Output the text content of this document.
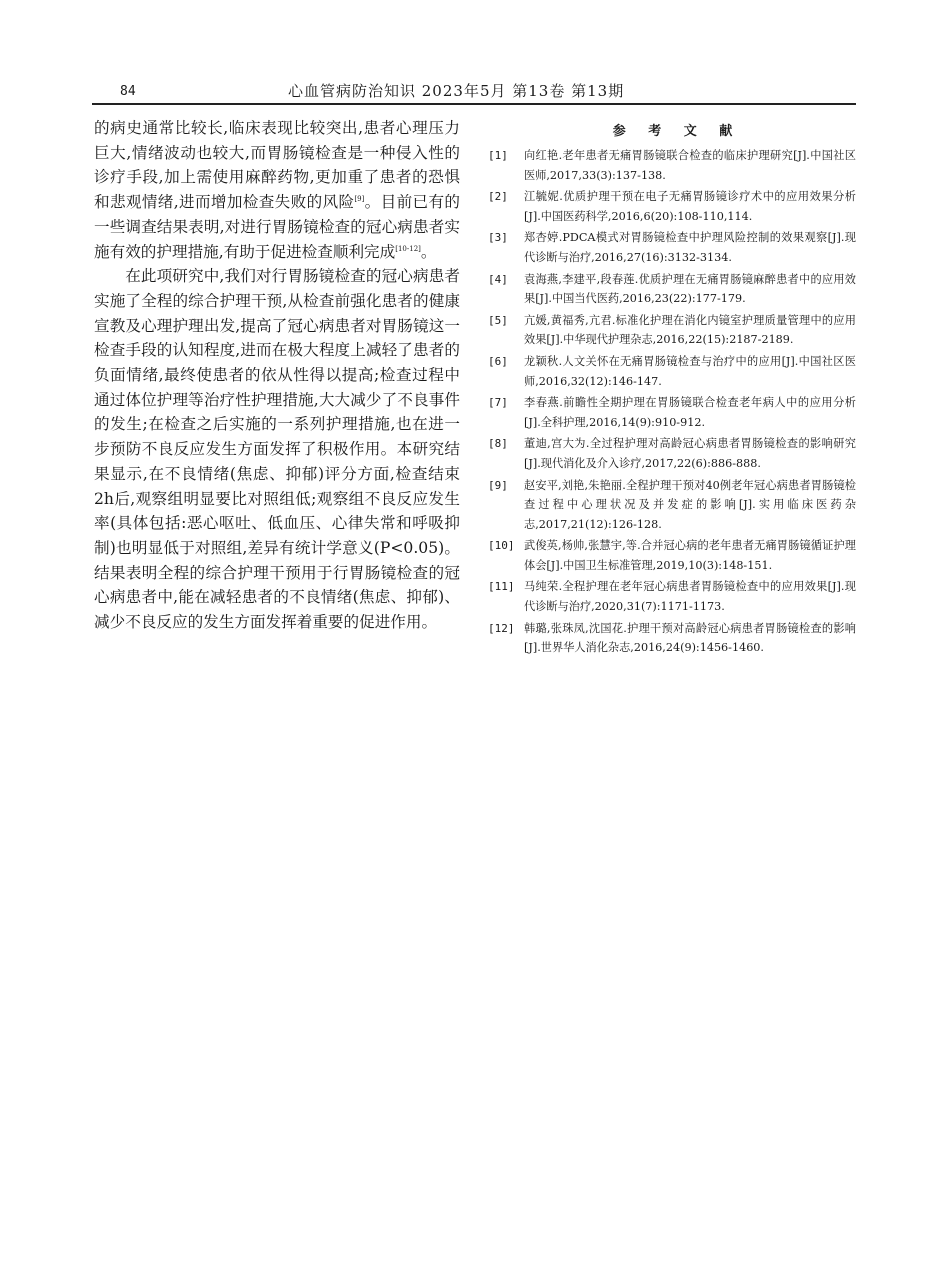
84	心血管病防治知识 2023年5月 第13卷 第13期

的病史通常比较长,临床表现比较突出,患者心理压力巨大,情绪波动也较大,而胃肠镜检查是一种侵入性的诊疗手段,加上需使用麻醉药物,更加重了患者的恐惧和悲观情绪,进而增加检查失败的风险[9]。目前已有的一些调查结果表明,对进行胃肠镜检查的冠心病患者实施有效的护理措施,有助于促进检查顺利完成[10-12]。

在此项研究中,我们对行胃肠镜检查的冠心病患者实施了全程的综合护理干预,从检查前强化患者的健康宣教及心理护理出发,提高了冠心病患者对胃肠镜这一检查手段的认知程度,进而在极大程度上减轻了患者的负面情绪,最终使患者的依从性得以提高;检查过程中通过体位护理等治疗性护理措施,大大减少了不良事件的发生;在检查之后实施的一系列护理措施,也在进一步预防不良反应发生方面发挥了积极作用。本研究结果显示,在不良情绪(焦虑、抑郁)评分方面,检查结束2h后,观察组明显要比对照组低;观察组不良反应发生率(具体包括:恶心呕吐、低血压、心律失常和呼吸抑制)也明显低于对照组,差异有统计学意义(P<0.05)。结果表明全程的综合护理干预用于行胃肠镜检查的冠心病患者中,能在减轻患者的不良情绪(焦虑、抑郁)、减少不良反应的发生方面发挥着重要的促进作用。

参 考 文 献
[1] 向红艳.老年患者无痛胃肠镜联合检查的临床护理研究[J].中国社区医师,2017,33(3):137-138.
[2] 江毓妮.优质护理干预在电子无痛胃肠镜诊疗术中的应用效果分析[J].中国医药科学,2016,6(20):108-110,114.
[3] 郑杏婷.PDCA模式对胃肠镜检查中护理风险控制的效果观察[J].现代诊断与治疗,2016,27(16):3132-3134.
[4] 袁海燕,李建平,段春莲.优质护理在无痛胃肠镜麻醉患者中的应用效果[J].中国当代医药,2016,23(22):177-179.
[5] 亢媛,黄福秀,亢君.标准化护理在消化内镜室护理质量管理中的应用效果[J].中华现代护理杂志,2016,22(15):2187-2189.
[6] 龙颖秋.人文关怀在无痛胃肠镜检查与治疗中的应用[J].中国社区医师,2016,32(12):146-147.
[7] 李春燕.前瞻性全期护理在胃肠镜联合检查老年病人中的应用分析[J].全科护理,2016,14(9):910-912.
[8] 董迪,宫大为.全过程护理对高龄冠心病患者胃肠镜检查的影响研究[J].现代消化及介入诊疗,2017,22(6):886-888.
[9] 赵安平,刘艳,朱艳丽.全程护理干预对40例老年冠心病患者胃肠镜检查过程中心理状况及并发症的影响[J].实用临床医药杂志,2017,21(12):126-128.
[10] 武俊英,杨帅,张慧宇,等.合并冠心病的老年患者无痛胃肠镜循证护理体会[J].中国卫生标准管理,2019,10(3):148-151.
[11] 马纯荣.全程护理在老年冠心病患者胃肠镜检查中的应用效果[J].现代诊断与治疗,2020,31(7):1171-1173.
[12] 韩璐,张珠凤,沈国花.护理干预对高龄冠心病患者胃肠镜检查的影响[J].世界华人消化杂志,2016,24(9):1456-1460.
